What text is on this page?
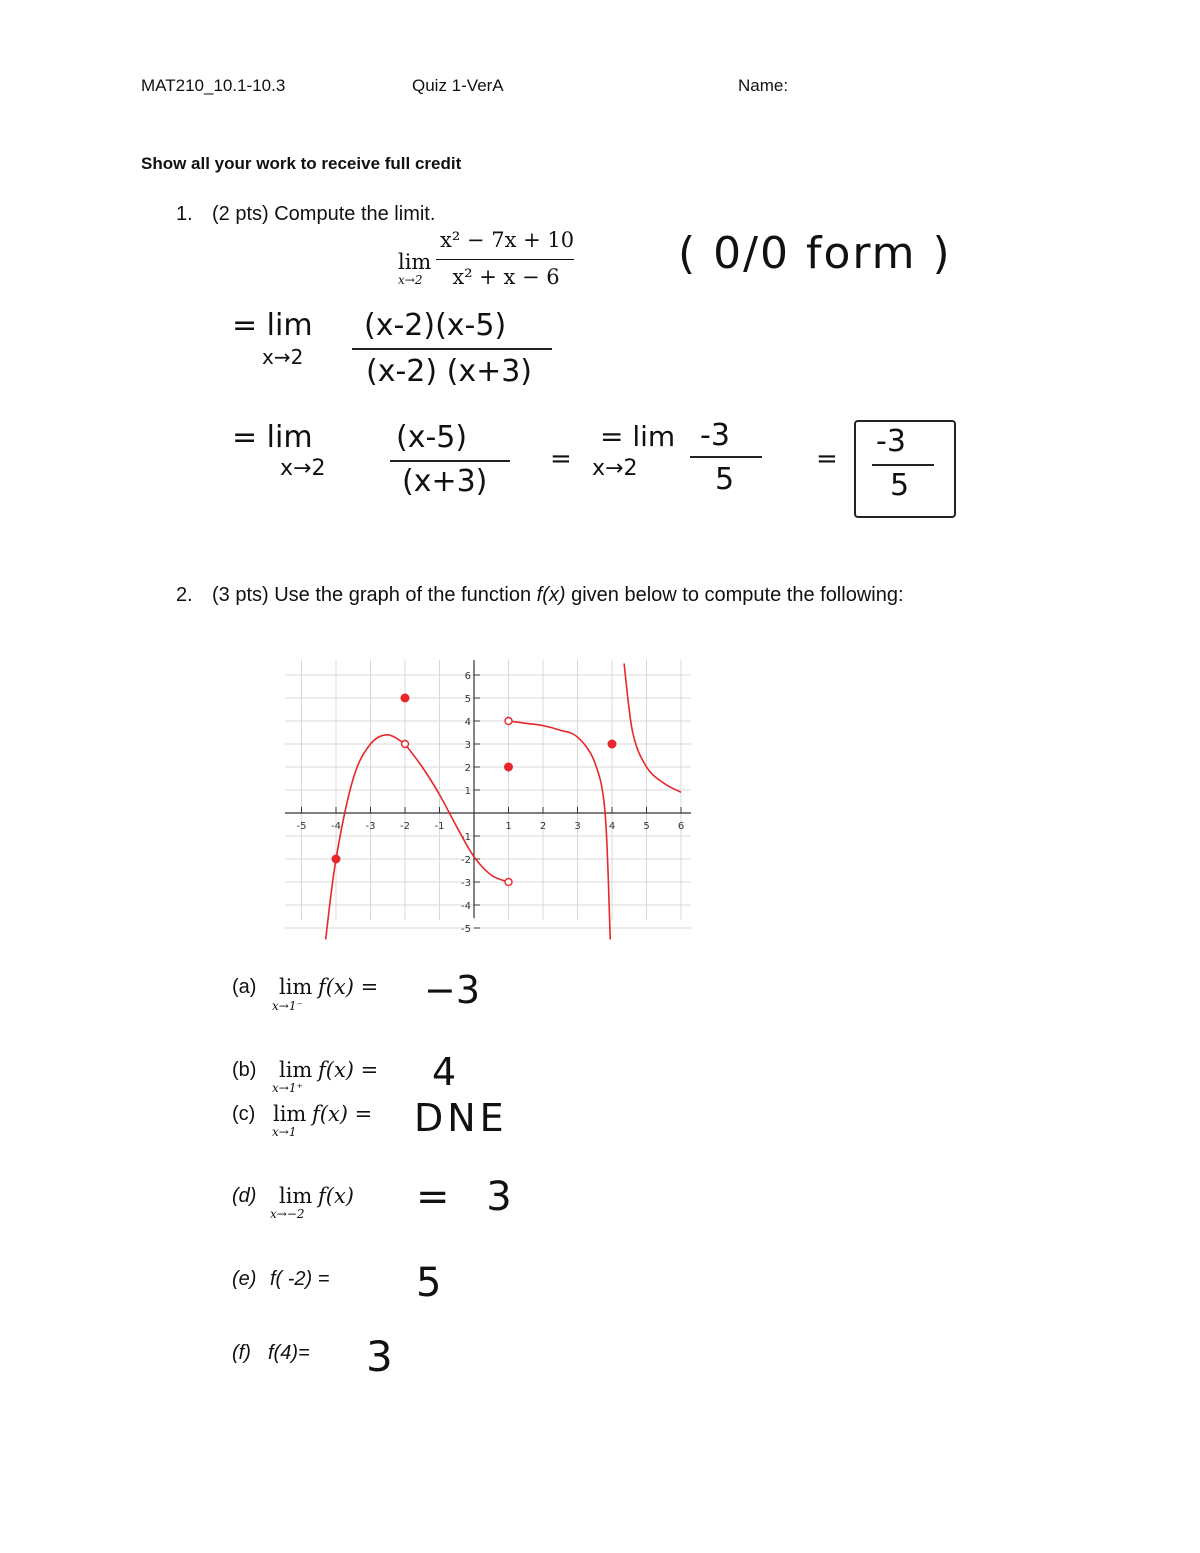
MAT210_10.1-10.3	Quiz 1-VerA	Name:
Show all your work to receive full credit
1. (2 pts) Compute the limit.
lim
x→2
x² − 7x + 10
x² + x − 6	( 0/0 form )
= lim
x→2
(x-2)(x-5)
(x-2) (x+3)
= lim
x→2
(x-5)
(x+3)
=
= lim
x→2
-3
5
= -3
5
2. (3 pts) Use the graph of the function f(x) given below to compute the following:
-5 -4 -3 -2 -1	1	2	3	4	5	6
6
5
4
3
2
1
-1
-2
-3
-4
-5
(a) lim
x→1⁻
f(x) = −3
(b) lim
x→1⁺
f(x) = 4
(c) lim
x→1
f(x) = DNE
(d) lim
x→−2
f(x) = 3
(e) f( -2) = 5
(f) f(4)= 3
